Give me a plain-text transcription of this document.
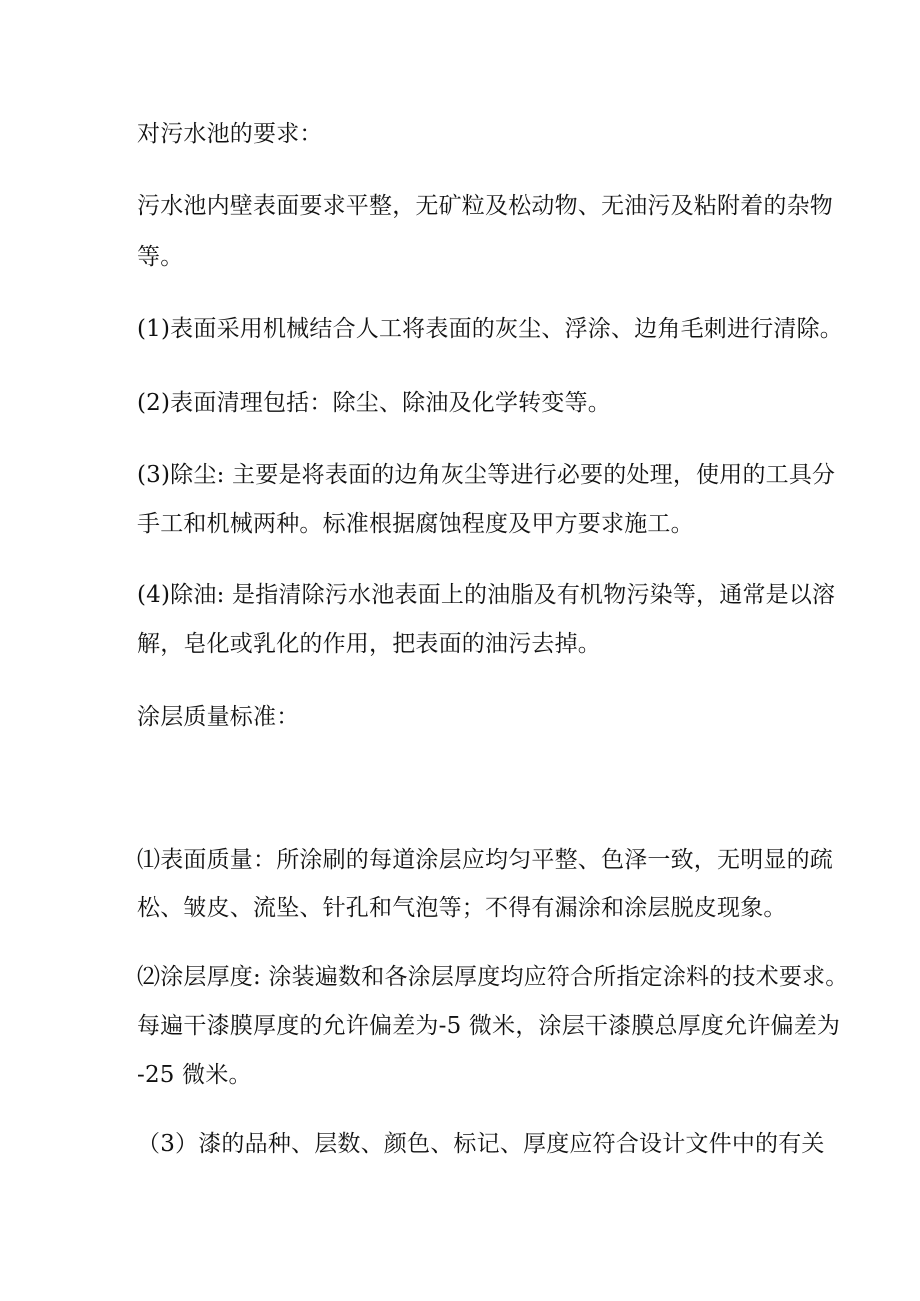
对污水池的要求：
污水池内壁表面要求平整，无矿粒及松动物、无油污及粘附着的杂物
等。
(1)表面采用机械结合人工将表面的灰尘、浮涂、边角毛刺进行清除。
(2)表面清理包括：除尘、除油及化学转变等。
(3)除尘: 主要是将表面的边角灰尘等进行必要的处理，使用的工具分
手工和机械两种。标准根据腐蚀程度及甲方要求施工。
(4)除油: 是指清除污水池表面上的油脂及有机物污染等，通常是以溶
解，皂化或乳化的作用，把表面的油污去掉。
涂层质量标准：
⑴表面质量：所涂刷的每道涂层应均匀平整、色泽一致，无明显的疏
松、皱皮、流坠、针孔和气泡等；不得有漏涂和涂层脱皮现象。
⑵涂层厚度: 涂装遍数和各涂层厚度均应符合所指定涂料的技术要求。
每遍干漆膜厚度的允许偏差为-5 微米，涂层干漆膜总厚度允许偏差为
-25 微米。
（3）漆的品种、层数、颜色、标记、厚度应符合设计文件中的有关
